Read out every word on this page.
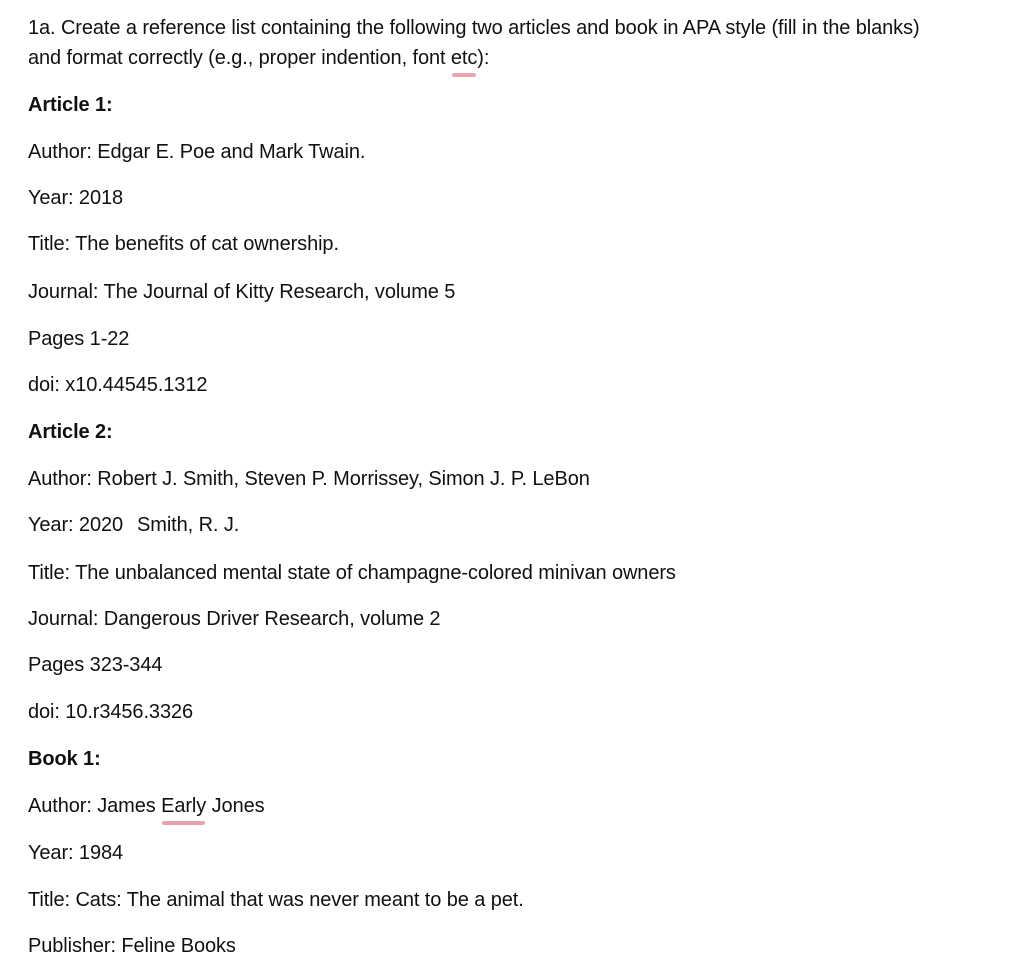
1a. Create a reference list containing the following two articles and book in APA style (fill in the blanks)
and format correctly (e.g., proper indention, font etc):
Article 1:
Author: Edgar E. Poe and Mark Twain.
Year: 2018
Title: The benefits of cat ownership.
Journal: The Journal of Kitty Research, volume 5
Pages 1-22
doi: x10.44545.1312
Article 2:
Author: Robert J. Smith, Steven P. Morrissey, Simon J. P. LeBon
Year: 2020 Smith, R. J.
Title: The unbalanced mental state of champagne-colored minivan owners
Journal: Dangerous Driver Research, volume 2
Pages 323-344
doi: 10.r3456.3326
Book 1:
Author: James Early Jones
Year: 1984
Title: Cats: The animal that was never meant to be a pet.
Publisher: Feline Books
